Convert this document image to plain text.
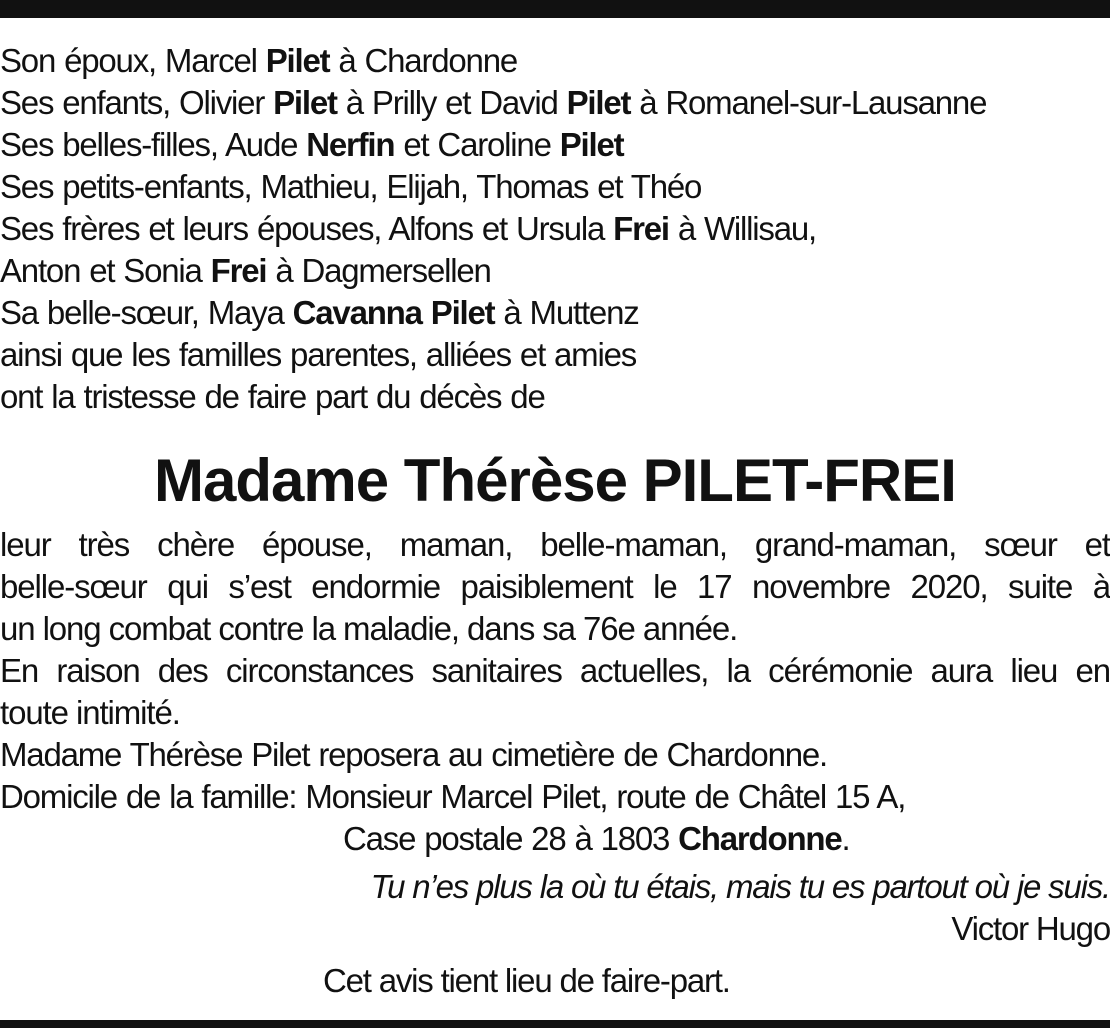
Son époux, Marcel Pilet à Chardonne
Ses enfants, Olivier Pilet à Prilly et David Pilet à Romanel-sur-Lausanne
Ses belles-filles, Aude Nerfin et Caroline Pilet
Ses petits-enfants, Mathieu, Elijah, Thomas et Théo
Ses frères et leurs épouses, Alfons et Ursula Frei à Willisau,
Anton et Sonia Frei à Dagmersellen
Sa belle-sœur, Maya Cavanna Pilet à Muttenz
ainsi que les familles parentes, alliées et amies
ont la tristesse de faire part du décès de
Madame Thérèse PILET-FREI
leur très chère épouse, maman, belle-maman, grand-maman, sœur et
belle-sœur qui s’est endormie paisiblement le 17 novembre 2020, suite à
un long combat contre la maladie, dans sa 76e année.
En raison des circonstances sanitaires actuelles, la cérémonie aura lieu en
toute intimité.
Madame Thérèse Pilet reposera au cimetière de Chardonne.
Domicile de la famille: Monsieur Marcel Pilet, route de Châtel 15 A,
Case postale 28 à 1803 Chardonne.
Tu n’es plus la où tu étais, mais tu es partout où je suis.
Victor Hugo
Cet avis tient lieu de faire-part.
